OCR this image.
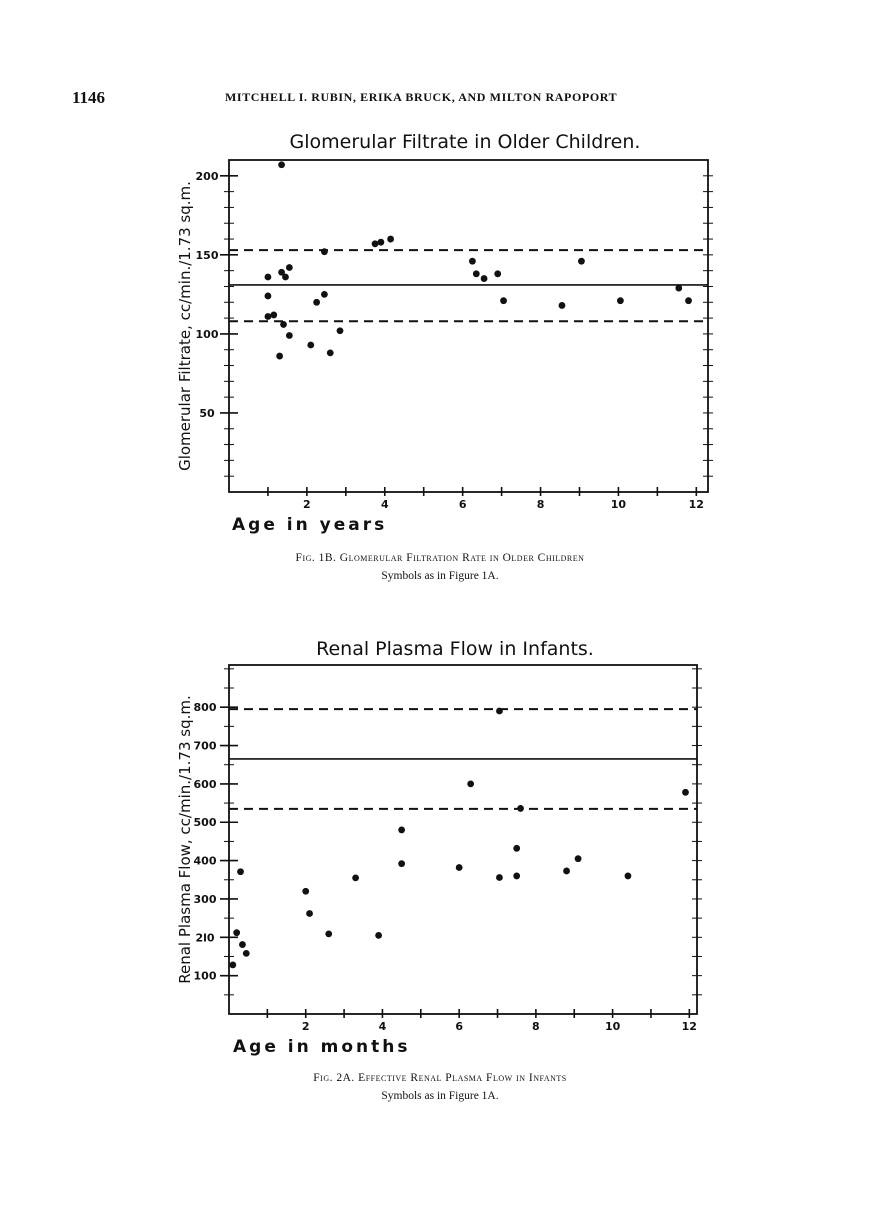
1146	MITCHELL I. RUBIN, ERIKA BRUCK, AND MILTON RAPOPORT
Glomerular Filtrate in Older Children.
Glomerular Filtrate, cc/min./1.73 sq.m.
Age in years
50
100
150
200
2	4	6	8	10	12
Renal Plasma Flow in Infants.
Renal Plasma Flow, cc/min./1.73 sq.m.
Age in months
100
2l0
300
400
500
600
700
800
2	4	6	8	10	12
Fig. 1B. Glomerular Filtration Rate in Older Children
Symbols as in Figure 1A.
Fig. 2A. Effective Renal Plasma Flow in Infants
Symbols as in Figure 1A.
